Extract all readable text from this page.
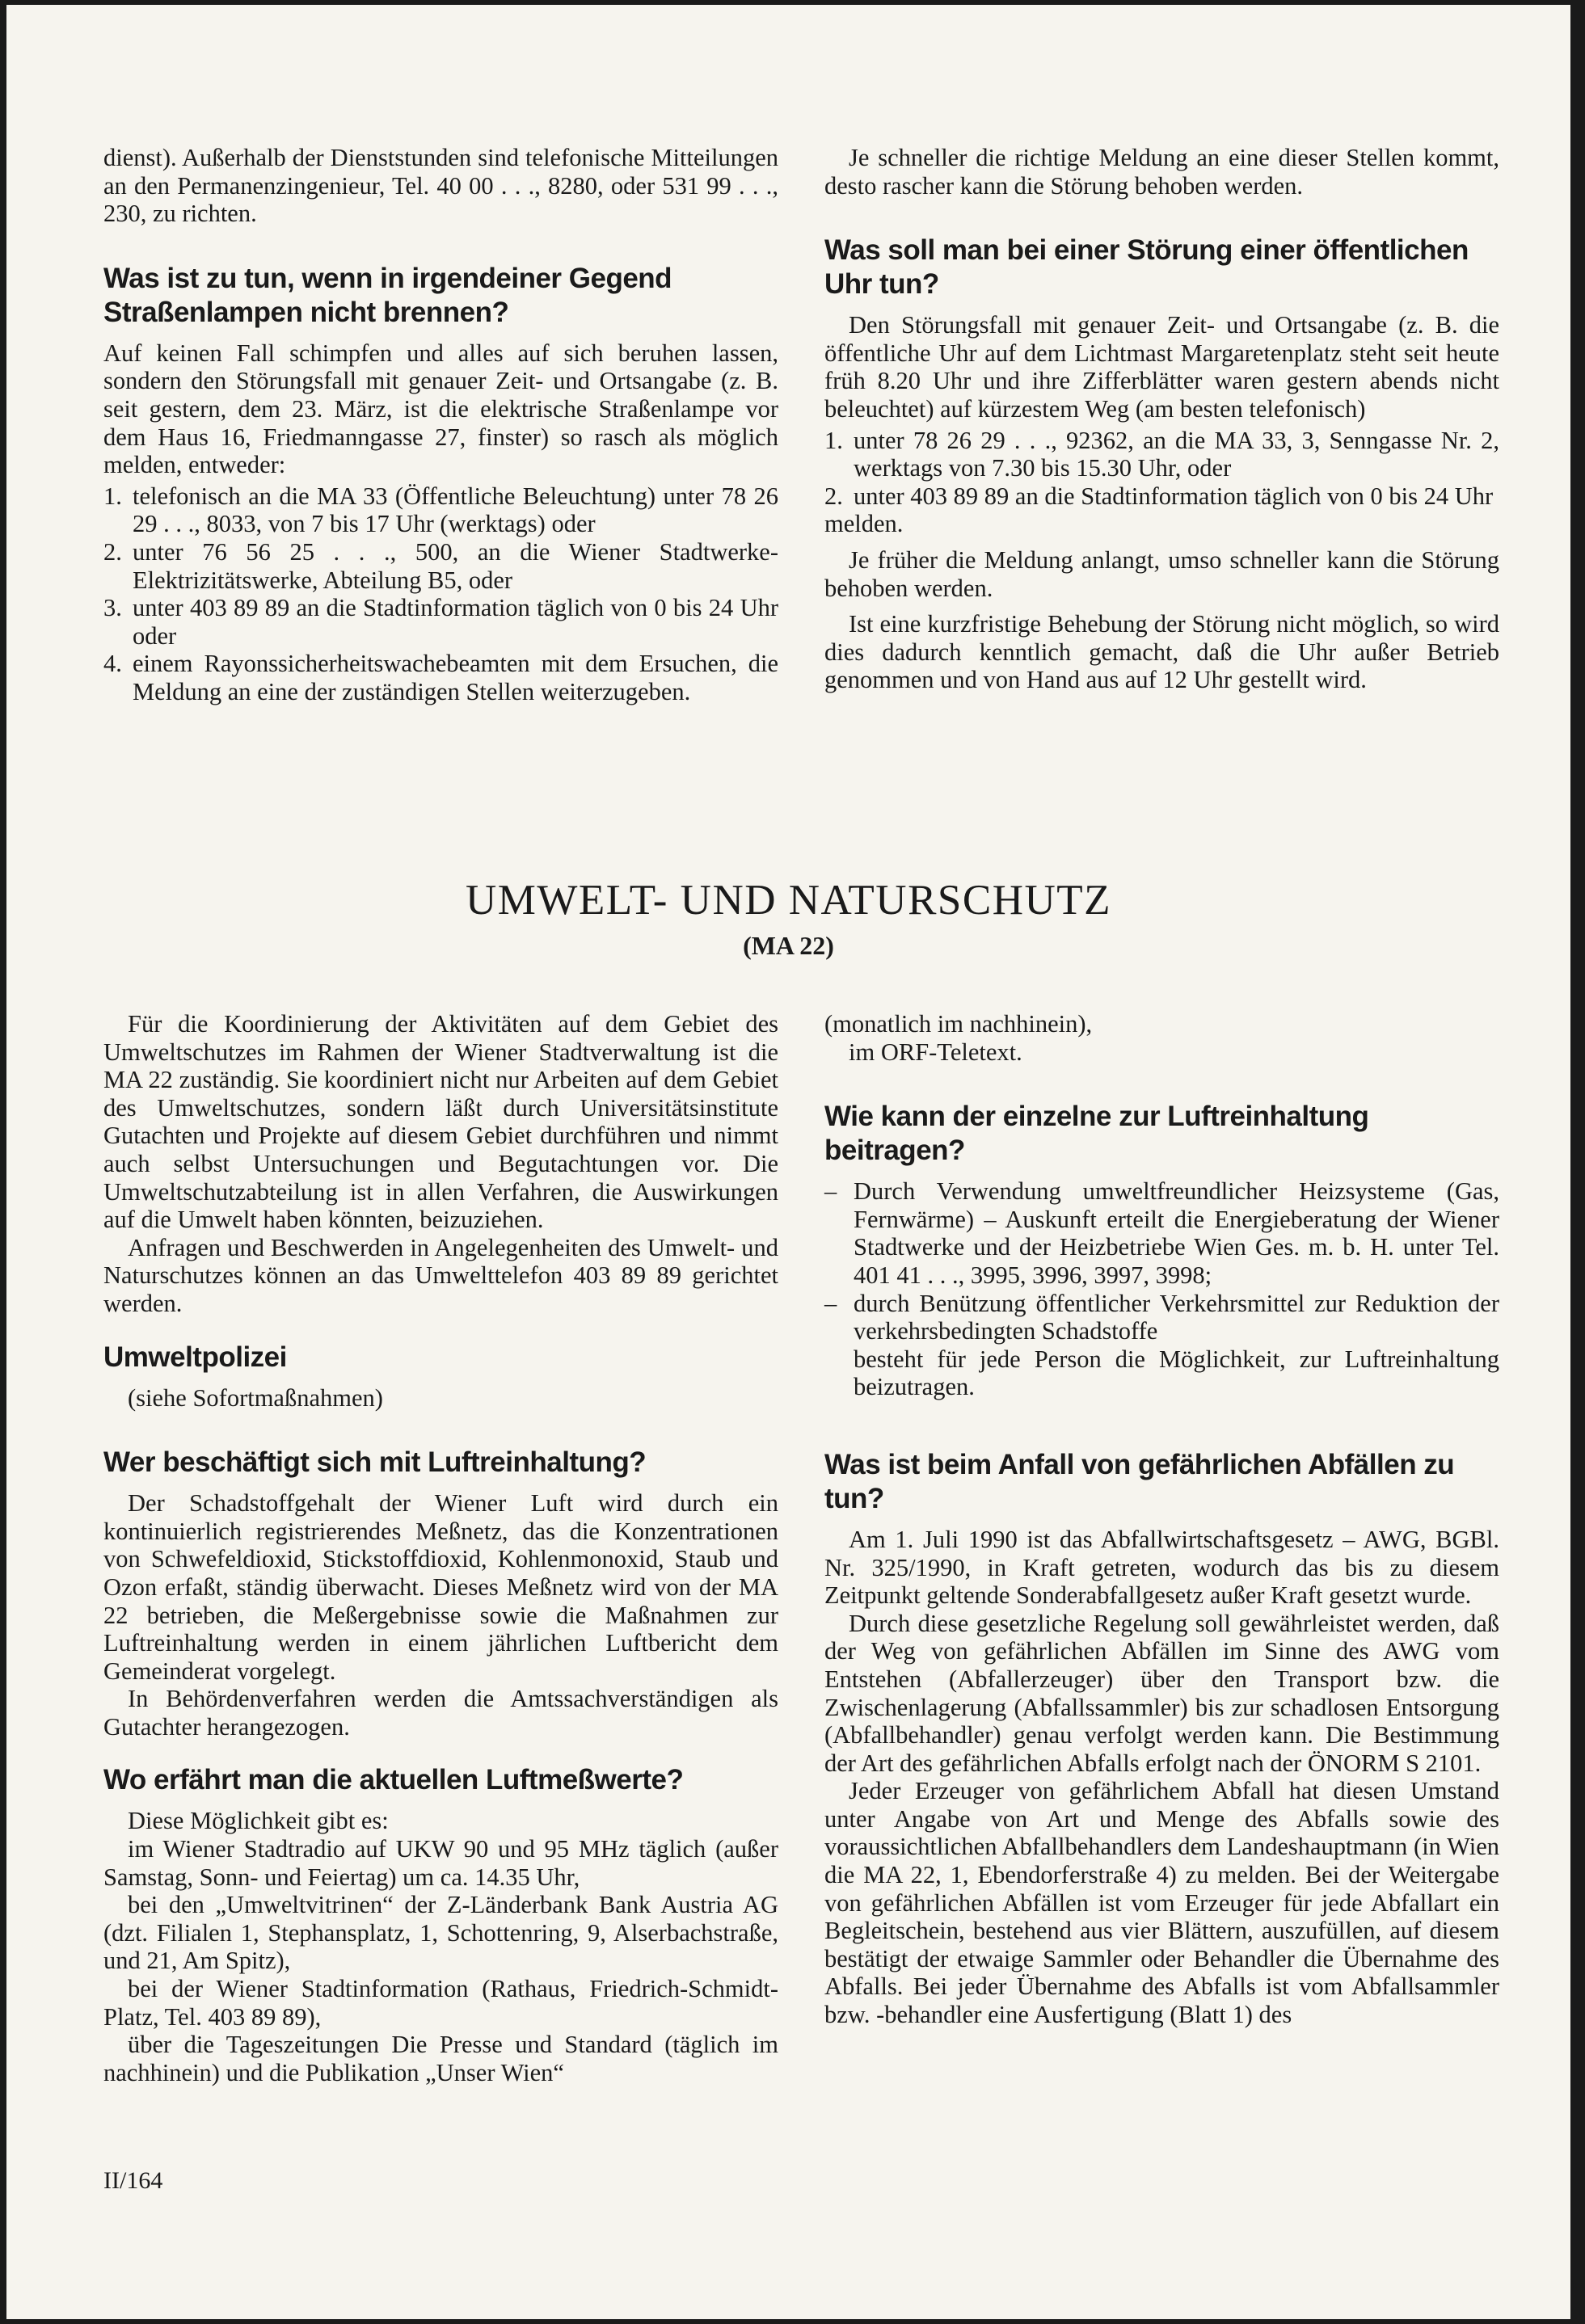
dienst). Außerhalb der Dienststunden sind telefonische Mitteilungen an den Permanenzingenieur, Tel. 40 00 . . ., 8280, oder 531 99 . . ., 230, zu richten.

Was ist zu tun, wenn in irgendeiner Gegend Straßenlampen nicht brennen?

Auf keinen Fall schimpfen und alles auf sich beruhen lassen, sondern den Störungsfall mit genauer Zeit- und Ortsangabe (z. B. seit gestern, dem 23. März, ist die elektrische Straßenlampe vor dem Haus 16, Friedmanngasse 27, finster) so rasch als möglich melden, entweder:

1. telefonisch an die MA 33 (Öffentliche Beleuchtung) unter 78 26 29 . . ., 8033, von 7 bis 17 Uhr (werktags) oder
2. unter 76 56 25 . . ., 500, an die Wiener Stadtwerke-Elektrizitätswerke, Abteilung B5, oder
3. unter 403 89 89 an die Stadtinformation täglich von 0 bis 24 Uhr oder
4. einem Rayonssicherheitswachebeamten mit dem Ersuchen, die Meldung an eine der zuständigen Stellen weiterzugeben.

Je schneller die richtige Meldung an eine dieser Stellen kommt, desto rascher kann die Störung behoben werden.

Was soll man bei einer Störung einer öffentlichen Uhr tun?

Den Störungsfall mit genauer Zeit- und Ortsangabe (z. B. die öffentliche Uhr auf dem Lichtmast Margaretenplatz steht seit heute früh 8.20 Uhr und ihre Zifferblätter waren gestern abends nicht beleuchtet) auf kürzestem Weg (am besten telefonisch)

1. unter 78 26 29 . . ., 92362, an die MA 33, 3, Senngasse Nr. 2, werktags von 7.30 bis 15.30 Uhr, oder
2. unter 403 89 89 an die Stadtinformation täglich von 0 bis 24 Uhr

melden.

Je früher die Meldung anlangt, umso schneller kann die Störung behoben werden.

Ist eine kurzfristige Behebung der Störung nicht möglich, so wird dies dadurch kenntlich gemacht, daß die Uhr außer Betrieb genommen und von Hand aus auf 12 Uhr gestellt wird.

UMWELT- UND NATURSCHUTZ
(MA 22)

Für die Koordinierung der Aktivitäten auf dem Gebiet des Umweltschutzes im Rahmen der Wiener Stadtverwaltung ist die MA 22 zuständig. Sie koordiniert nicht nur Arbeiten auf dem Gebiet des Umweltschutzes, sondern läßt durch Universitätsinstitute Gutachten und Projekte auf diesem Gebiet durchführen und nimmt auch selbst Untersuchungen und Begutachtungen vor. Die Umweltschutzabteilung ist in allen Verfahren, die Auswirkungen auf die Umwelt haben könnten, beizuziehen.

Anfragen und Beschwerden in Angelegenheiten des Umwelt- und Naturschutzes können an das Umwelttelefon 403 89 89 gerichtet werden.

Umweltpolizei

(siehe Sofortmaßnahmen)

Wer beschäftigt sich mit Luftreinhaltung?

Der Schadstoffgehalt der Wiener Luft wird durch ein kontinuierlich registrierendes Meßnetz, das die Konzentrationen von Schwefeldioxid, Stickstoffdioxid, Kohlenmonoxid, Staub und Ozon erfaßt, ständig überwacht. Dieses Meßnetz wird von der MA 22 betrieben, die Meßergebnisse sowie die Maßnahmen zur Luftreinhaltung werden in einem jährlichen Luftbericht dem Gemeinderat vorgelegt.

In Behördenverfahren werden die Amtssachverständigen als Gutachter herangezogen.

Wo erfährt man die aktuellen Luftmeßwerte?

Diese Möglichkeit gibt es:

im Wiener Stadtradio auf UKW 90 und 95 MHz täglich (außer Samstag, Sonn- und Feiertag) um ca. 14.35 Uhr,

bei den „Umweltvitrinen“ der Z-Länderbank Bank Austria AG (dzt. Filialen 1, Stephansplatz, 1, Schottenring, 9, Alserbachstraße, und 21, Am Spitz),

bei der Wiener Stadtinformation (Rathaus, Friedrich-Schmidt-Platz, Tel. 403 89 89),

über die Tageszeitungen Die Presse und Standard (täglich im nachhinein) und die Publikation „Unser Wien“

(monatlich im nachhinein),

im ORF-Teletext.

Wie kann der einzelne zur Luftreinhaltung beitragen?
– Durch Verwendung umweltfreundlicher Heizsysteme (Gas, Fernwärme) – Auskunft erteilt die Energieberatung der Wiener Stadtwerke und der Heizbetriebe Wien Ges. m. b. H. unter Tel. 401 41 . . ., 3995, 3996, 3997, 3998;
– durch Benützung öffentlicher Verkehrsmittel zur Reduktion der verkehrsbedingten Schadstoffe

besteht für jede Person die Möglichkeit, zur Luftreinhaltung beizutragen.

Was ist beim Anfall von gefährlichen Abfällen zu tun?

Am 1. Juli 1990 ist das Abfallwirtschaftsgesetz – AWG, BGBl. Nr. 325/1990, in Kraft getreten, wodurch das bis zu diesem Zeitpunkt geltende Sonderabfallgesetz außer Kraft gesetzt wurde.

Durch diese gesetzliche Regelung soll gewährleistet werden, daß der Weg von gefährlichen Abfällen im Sinne des AWG vom Entstehen (Abfallerzeuger) über den Transport bzw. die Zwischenlagerung (Abfallssammler) bis zur schadlosen Entsorgung (Abfallbehandler) genau verfolgt werden kann. Die Bestimmung der Art des gefährlichen Abfalls erfolgt nach der ÖNORM S 2101.

Jeder Erzeuger von gefährlichem Abfall hat diesen Umstand unter Angabe von Art und Menge des Abfalls sowie des voraussichtlichen Abfallbehandlers dem Landeshauptmann (in Wien die MA 22, 1, Ebendorferstraße 4) zu melden. Bei der Weitergabe von gefährlichen Abfällen ist vom Erzeuger für jede Abfallart ein Begleitschein, bestehend aus vier Blättern, auszufüllen, auf diesem bestätigt der etwaige Sammler oder Behandler die Übernahme des Abfalls. Bei jeder Übernahme des Abfalls ist vom Abfallsammler bzw. -behandler eine Ausfertigung (Blatt 1) des

II/164
